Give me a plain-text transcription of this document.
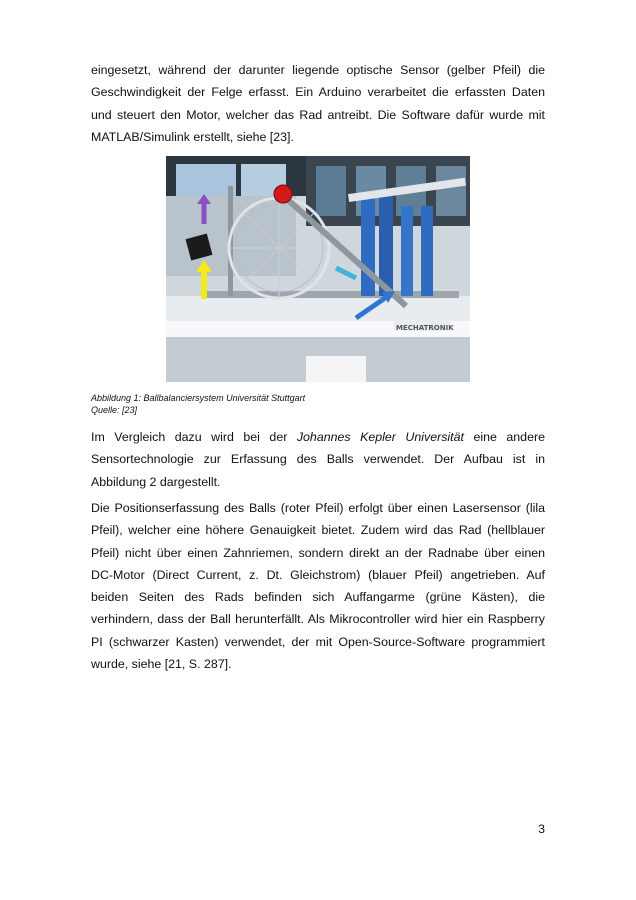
eingesetzt, während der darunter liegende optische Sensor (gelber Pfeil) die
Geschwindigkeit der Felge erfasst. Ein Arduino verarbeitet die erfassten Daten
und steuert den Motor, welcher das Rad antreibt. Die Software dafür wurde mit
MATLAB/Simulink erstellt, siehe [23].

MECHATRONIK
Abbildung 1: Ballbalanciersystem Universität Stuttgart
Quelle: [23]

Im Vergleich dazu wird bei der Johannes Kepler Universität eine andere
Sensortechnologie zur Erfassung des Balls verwendet. Der Aufbau ist in
Abbildung 2 dargestellt.

Die Positionserfassung des Balls (roter Pfeil) erfolgt über einen Lasersensor (lila
Pfeil), welcher eine höhere Genauigkeit bietet. Zudem wird das Rad (hellblauer
Pfeil) nicht über einen Zahnriemen, sondern direkt an der Radnabe über einen
DC-Motor (Direct Current, z. Dt. Gleichstrom) (blauer Pfeil) angetrieben. Auf
beiden Seiten des Rads befinden sich Auffangarme (grüne Kästen), die
verhindern, dass der Ball herunterfällt. Als Mikrocontroller wird hier ein Raspberry
PI (schwarzer Kasten) verwendet, der mit Open-Source-Software programmiert
wurde, siehe [21, S. 287].

3
